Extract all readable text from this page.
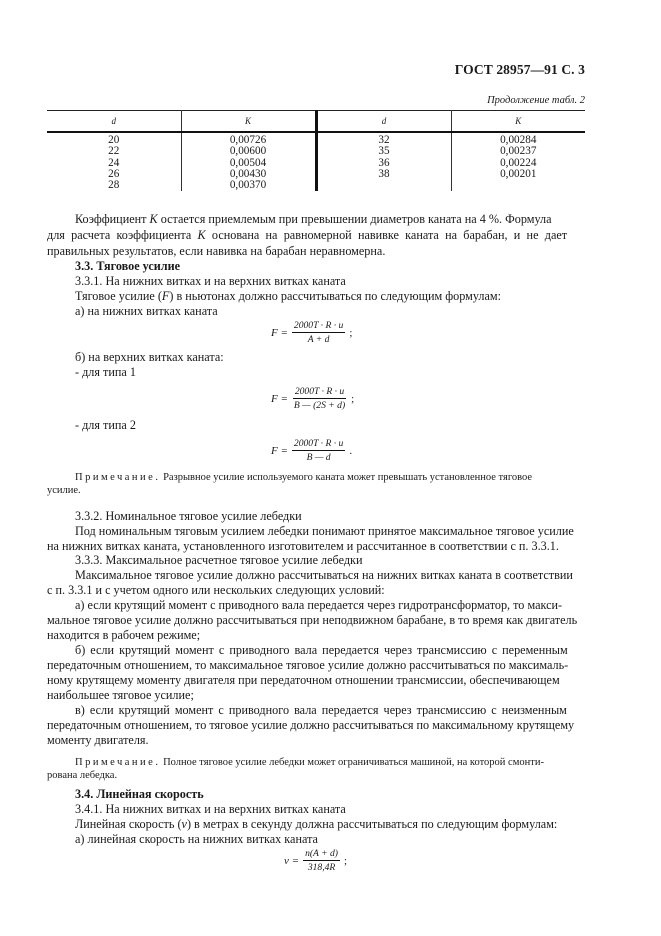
ГОСТ 28957—91 С. 3
Продолжение табл. 2
d	K	d	K
20	0,00726	32	0,00284
22	0,00600	35	0,00237
24	0,00504	36	0,00224
26	0,00430	38	0,00201
28	0,00370		
Коэффициент K остается приемлемым при превышении диаметров каната на 4 %. Формула
для расчета коэффициента K основана на равномерной навивке каната на барабан, и не дает
правильных результатов, если навивка на барабан неравномерна.
3.3. Тяговое усилие
3.3.1. На нижних витках и на верхних витках каната
Тяговое усилие (F) в ньютонах должно рассчитываться по следующим формулам:
а) на нижних витках каната
$F = \frac{2000T \cdot R \cdot u}{A + d}$ ;
б) на верхних витках каната:
- для типа 1
$F = \frac{2000T \cdot R \cdot u}{B — (2S + d)}$ ;
- для типа 2
$F = \frac{2000T \cdot R \cdot u}{B — d}$ .
Примечание. Разрывное усилие используемого каната может превышать установленное тяговое
усилие.
3.3.2. Номинальное тяговое усилие лебедки
Под номинальным тяговым усилием лебедки понимают принятое максимальное тяговое усилие
на нижних витках каната, установленного изготовителем и рассчитанное в соответствии с п. 3.3.1.
3.3.3. Максимальное расчетное тяговое усилие лебедки
Максимальное тяговое усилие должно рассчитываться на нижних витках каната в соответствии
с п. 3.3.1 и с учетом одного или нескольких следующих условий:
а) если крутящий момент с приводного вала передается через гидротрансформатор, то макси-
мальное тяговое усилие должно рассчитываться при неподвижном барабане, в то время как двигатель
находится в рабочем режиме;
б) если крутящий момент с приводного вала передается через трансмиссию с переменным
передаточным отношением, то максимальное тяговое усилие должно рассчитываться по максималь-
ному крутящему моменту двигателя при передаточном отношении трансмиссии, обеспечивающем
наибольшее тяговое усилие;
в) если крутящий момент с приводного вала передается через трансмиссию с неизменным
передаточным отношением, то тяговое усилие должно рассчитываться по максимальному крутящему
моменту двигателя.
Примечание. Полное тяговое усилие лебедки может ограничиваться машиной, на которой смонти-
рована лебедка.
3.4. Линейная скорость
3.4.1. На нижних витках и на верхних витках каната
Линейная скорость (v) в метрах в секунду должна рассчитываться по следующим формулам:
а) линейная скорость на нижних витках каната
$v = \frac{n(A + d)}{318,4R}$ ;
